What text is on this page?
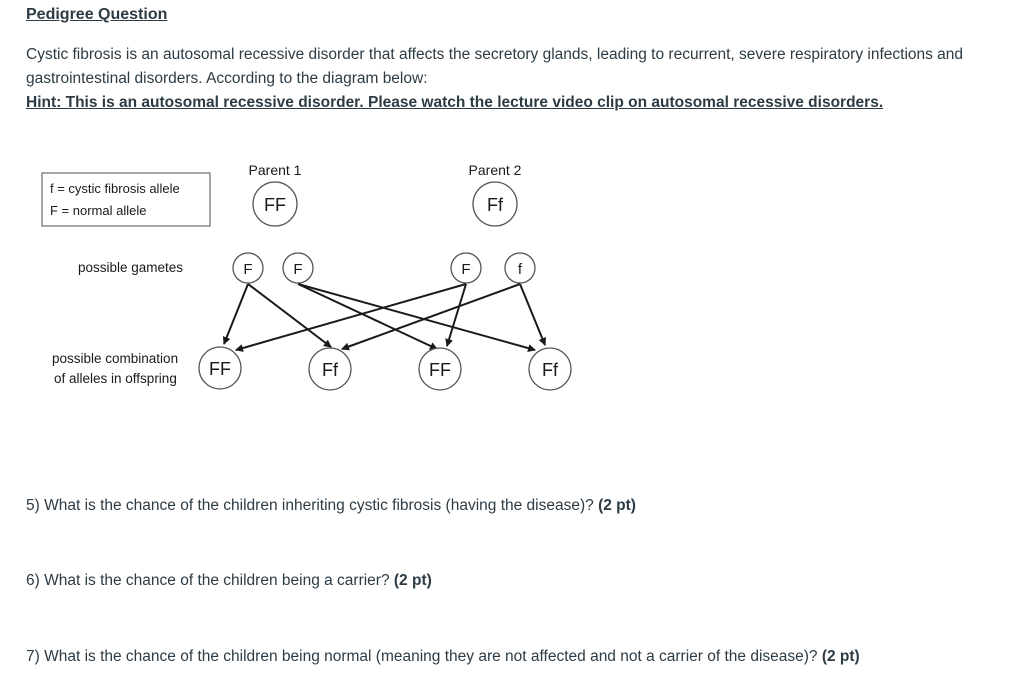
Pedigree Question
Cystic fibrosis is an autosomal recessive disorder that affects the secretory glands, leading to recurrent, severe respiratory infections and gastrointestinal disorders. According to the diagram below:
Hint: This is an autosomal recessive disorder. Please watch the lecture video clip on autosomal recessive disorders.
f = cystic fibrosis allele
F = normal allele
Parent 1
FF
Parent 2
Ff
possible gametes	F	F	F	f
possible combination
of alleles in offspring FF	Ff	FF	Ff
5) What is the chance of the children inheriting cystic fibrosis (having the disease)? (2 pt)
6) What is the chance of the children being a carrier? (2 pt)
7) What is the chance of the children being normal (meaning they are not affected and not a carrier of the disease)? (2 pt)
